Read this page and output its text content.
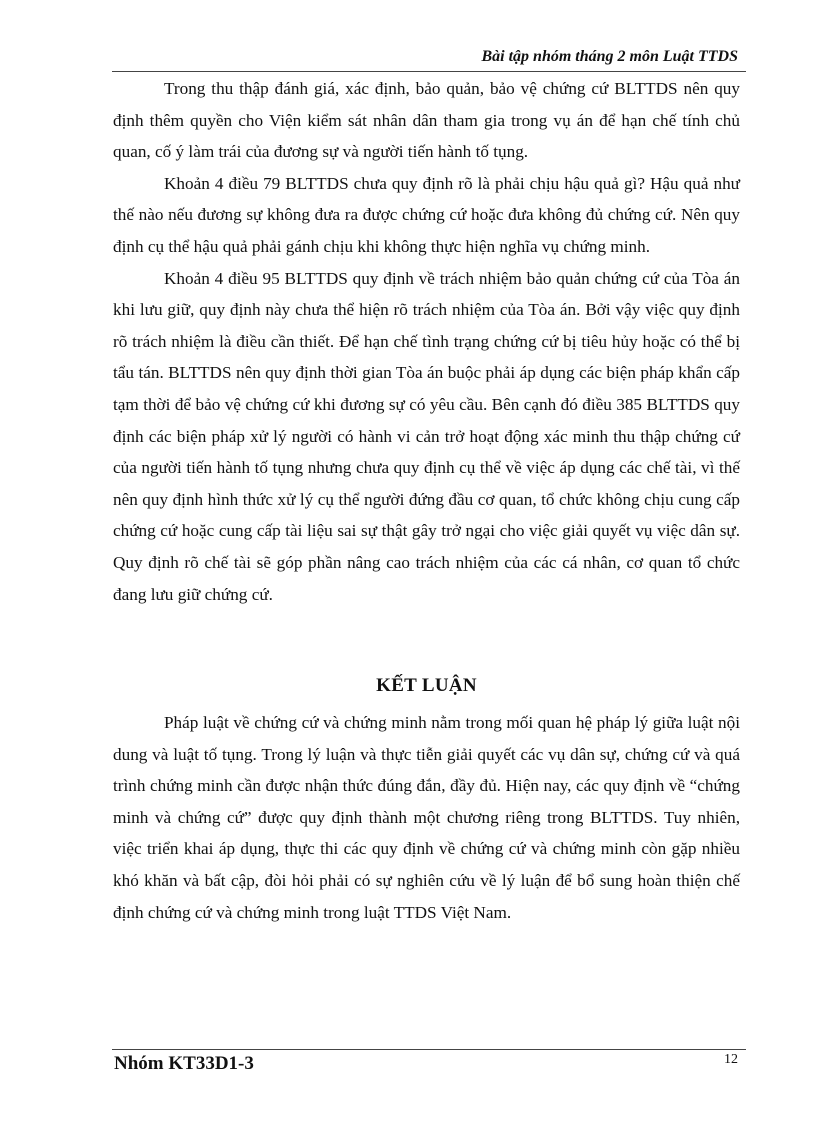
Bài tập nhóm tháng 2 môn Luật TTDS

Trong thu thập đánh giá, xác định, bảo quản, bảo vệ chứng cứ BLTTDS nên quy định thêm quyền cho Viện kiểm sát nhân dân tham gia trong vụ án để hạn chế tính chủ quan, cố ý làm trái của đương sự và người tiến hành tố tụng.

Khoản 4 điều 79 BLTTDS chưa quy định rõ là phải chịu hậu quả gì? Hậu quả như thế nào nếu đương sự không đưa ra được chứng cứ hoặc đưa không đủ chứng cứ. Nên quy định cụ thể hậu quả phải gánh chịu khi không thực hiện nghĩa vụ chứng minh.

Khoản 4 điều 95 BLTTDS quy định về trách nhiệm bảo quản chứng cứ của Tòa án khi lưu giữ, quy định này chưa thể hiện rõ trách nhiệm của Tòa án. Bởi vậy việc quy định rõ trách nhiệm là điều cần thiết. Để hạn chế tình trạng chứng cứ bị tiêu hủy hoặc có thể bị tẩu tán. BLTTDS nên quy định thời gian Tòa án buộc phải áp dụng các biện pháp khẩn cấp tạm thời để bảo vệ chứng cứ khi đương sự có yêu cầu. Bên cạnh đó điều 385 BLTTDS quy định các biện pháp xử lý người có hành vi cản trở hoạt động xác minh thu thập chứng cứ của người tiến hành tố tụng nhưng chưa quy định cụ thể về việc áp dụng các chế tài, vì thế nên quy định hình thức xử lý cụ thể người đứng đầu cơ quan, tổ chức không chịu cung cấp chứng cứ hoặc cung cấp tài liệu sai sự thật gây trở ngại cho việc giải quyết vụ việc dân sự. Quy định rõ chế tài sẽ góp phần nâng cao trách nhiệm của các cá nhân, cơ quan tổ chức đang lưu giữ chứng cứ.

KẾT LUẬN

Pháp luật về chứng cứ và chứng minh nằm trong mối quan hệ pháp lý giữa luật nội dung và luật tố tụng. Trong lý luận và thực tiễn giải quyết các vụ dân sự, chứng cứ và quá trình chứng minh cần được nhận thức đúng đắn, đầy đủ. Hiện nay, các quy định về “chứng minh và chứng cứ” được quy định thành một chương riêng trong BLTTDS. Tuy nhiên, việc triển khai áp dụng, thực thi các quy định về chứng cứ và chứng minh còn gặp nhiều khó khăn và bất cập, đòi hỏi phải có sự nghiên cứu về lý luận để bổ sung hoàn thiện chế định chứng cứ và chứng minh trong luật TTDS Việt Nam.

Nhóm KT33D1-3	12
